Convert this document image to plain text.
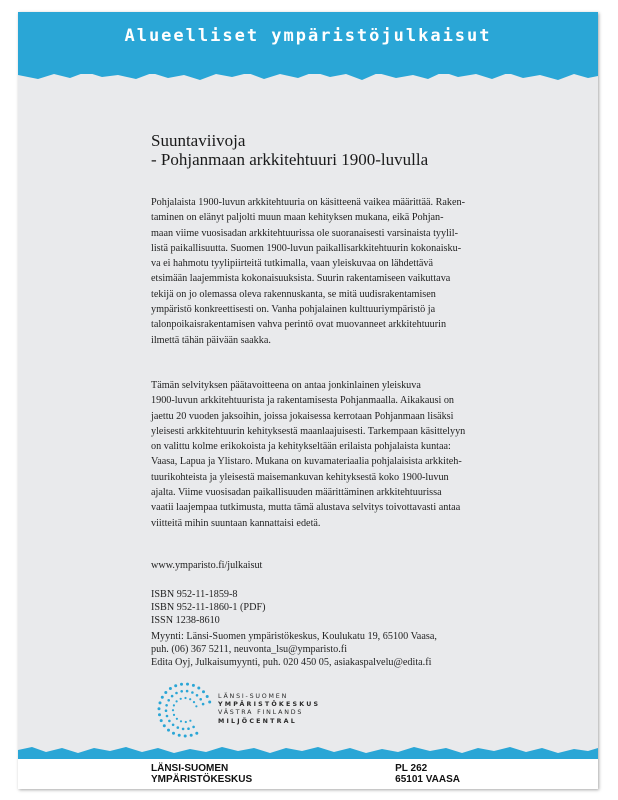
Alueelliset ympäristöjulkaisut
Suuntaviivoja
- Pohjanmaan arkkitehtuuri 1900-luvulla
Pohjalaista 1900-luvun arkkitehtuuria on käsitteenä vaikea määrittää. Raken-
taminen on elänyt paljolti muun maan kehityksen mukana, eikä Pohjan-
maan viime vuosisadan arkkitehtuurissa ole suoranaisesti varsinaista tyylil-
listä paikallisuutta. Suomen 1900-luvun paikallisarkkitehtuurin kokonaisku-
va ei hahmotu tyylipiirteitä tutkimalla, vaan yleiskuvaa on lähdettävä
etsimään laajemmista kokonaisuuksista. Suurin rakentamiseen vaikuttava
tekijä on jo olemassa oleva rakennuskanta, se mitä uudisrakentamisen
ympäristö konkreettisesti on. Vanha pohjalainen kulttuuriympäristö ja
talonpoikaisrakentamisen vahva perintö ovat muovanneet arkkitehtuurin
ilmettä tähän päivään saakka.
Tämän selvityksen päätavoitteena on antaa jonkinlainen yleiskuva
1900-luvun arkkitehtuurista ja rakentamisesta Pohjanmaalla. Aikakausi on
jaettu 20 vuoden jaksoihin, joissa jokaisessa kerrotaan Pohjanmaan lisäksi
yleisesti arkkitehtuurin kehityksestä maanlaajuisesti. Tarkempaan käsittelyyn
on valittu kolme erikokoista ja kehitykseltään erilaista pohjalaista kuntaa:
Vaasa, Lapua ja Ylistaro. Mukana on kuvamateriaalia pohjalaisista arkkiteh-
tuurikohteista ja yleisestä maisemankuvan kehityksestä koko 1900-luvun
ajalta. Viime vuosisadan paikallisuuden määrittäminen arkkitehtuurissa
vaatii laajempaa tutkimusta, mutta tämä alustava selvitys toivottavasti antaa
viitteitä mihin suuntaan kannattaisi edetä.
www.ymparisto.fi/julkaisut
ISBN 952-11-1859-8
ISBN 952-11-1860-1 (PDF)
ISSN 1238-8610
Myynti: Länsi-Suomen ympäristökeskus, Koulukatu 19, 65100 Vaasa,
puh. (06) 367 5211, neuvonta_lsu@ymparisto.fi
Edita Oyj, Julkaisumyynti, puh. 020 450 05, asiakaspalvelu@edita.fi
LÄNSI-SUOMEN
YMPÄRISTÖKESKUS
VÄSTRA FINLANDS
MILJÖCENTRAL
LÄNSI-SUOMEN
YMPÄRISTÖKESKUS
PL 262
65101 VAASA
